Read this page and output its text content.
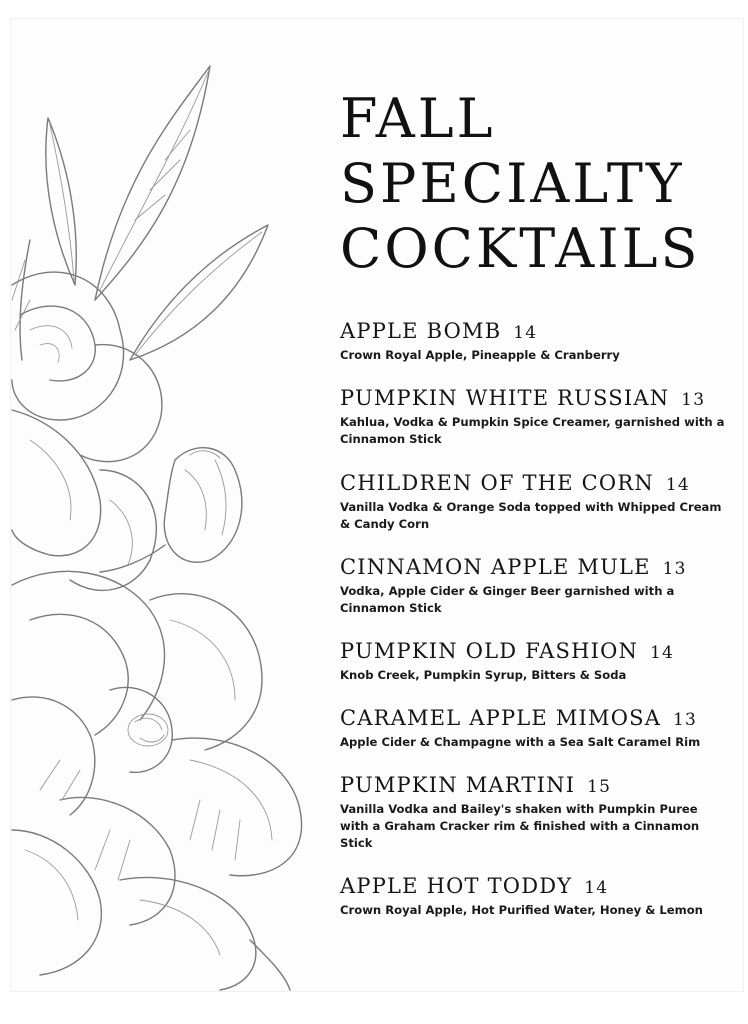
FALL
SPECIALTY
COCKTAILS
APPLE BOMB 14
Crown Royal Apple, Pineapple & Cranberry
PUMPKIN WHITE RUSSIAN 13
Kahlua, Vodka & Pumpkin Spice Creamer, garnished with a Cinnamon Stick
CHILDREN OF THE CORN 14
Vanilla Vodka & Orange Soda topped with Whipped Cream & Candy Corn
CINNAMON APPLE MULE 13
Vodka, Apple Cider & Ginger Beer garnished with a Cinnamon Stick
PUMPKIN OLD FASHION 14
Knob Creek, Pumpkin Syrup, Bitters & Soda
CARAMEL APPLE MIMOSA 13
Apple Cider & Champagne with a Sea Salt Caramel Rim
PUMPKIN MARTINI 15
Vanilla Vodka and Bailey's shaken with Pumpkin Puree with a Graham Cracker rim & finished with a Cinnamon Stick
APPLE HOT TODDY 14
Crown Royal Apple, Hot Purified Water, Honey & Lemon
